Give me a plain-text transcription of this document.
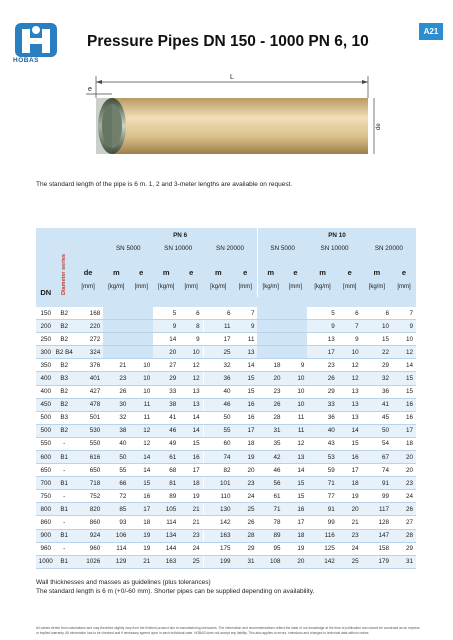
HOBAS
Pressure Pipes DN 150 - 1000 PN 6, 10
A21
L
e
de
The standard length of the pipe is 6 m. 1, 2 and 3-meter lengths are available on request.
			PN 6						PN 10					
			SN 5000		SN 10000		SN 20000		SN 5000		SN 10000		SN 20000	
DN	Diameter series	de	m	e	m	e	m	e	m	e	m	e	m	e
		[mm]	[kg/m]	[mm]	[kg/m]	[mm]	[kg/m]	[mm]	[kg/m]	[mm]	[kg/m]	[mm]	[kg/m]	[mm]

150	B2	168			5	6	6	7			5	6	6	7
200	B2	220			9	8	11	9			9	7	10	9
250	B2	272			14	9	17	11			13	9	15	10
300	B2 B4	324			20	10	25	13			17	10	22	12
350	B2	376	21	10	27	12	32	14	18	9	23	12	29	14
400	B3	401	23	10	29	12	36	15	20	10	26	12	32	15
400	B2	427	26	10	33	13	40	15	23	10	29	13	36	15
450	B2	478	30	11	38	13	46	16	26	10	33	13	41	16
500	B3	501	32	11	41	14	50	16	28	11	36	13	45	16
500	B2	530	38	12	46	14	55	17	31	11	40	14	50	17
550	-	550	40	12	49	15	60	18	35	12	43	15	54	18
600	B1	616	50	14	61	16	74	19	42	13	53	16	67	20
650	-	650	55	14	68	17	82	20	46	14	59	17	74	20
700	B1	718	66	15	81	18	101	23	56	15	71	18	91	23
750	-	752	72	16	89	19	110	24	61	15	77	19	99	24
800	B1	820	85	17	105	21	130	25	71	16	91	20	117	26
860	-	860	93	18	114	21	142	26	78	17	99	21	128	27
900	B1	924	106	19	134	23	163	28	89	18	116	23	147	28
960	-	960	114	19	144	24	175	29	95	19	125	24	158	29
1000	B1	1026	129	21	163	25	199	31	108	20	142	25	179	31
Wall thicknesses and masses as guidelines (plus tolerances)
The standard length is 6 m (+0/-60 mm). Shorter pipes can be supplied depending on availability.
All values derive from calculations and may therefore slightly vary from the finished product due to manufacturing tolerances. The information and recommendations reflect the state of our knowledge at the time of publication and cannot be construed as an express
or implied warranty. All information has to be checked and if necessary agreed upon in each individual case. HOBAS does not accept any liability. This also applies to errors, omissions and changes to technical data without notice.
